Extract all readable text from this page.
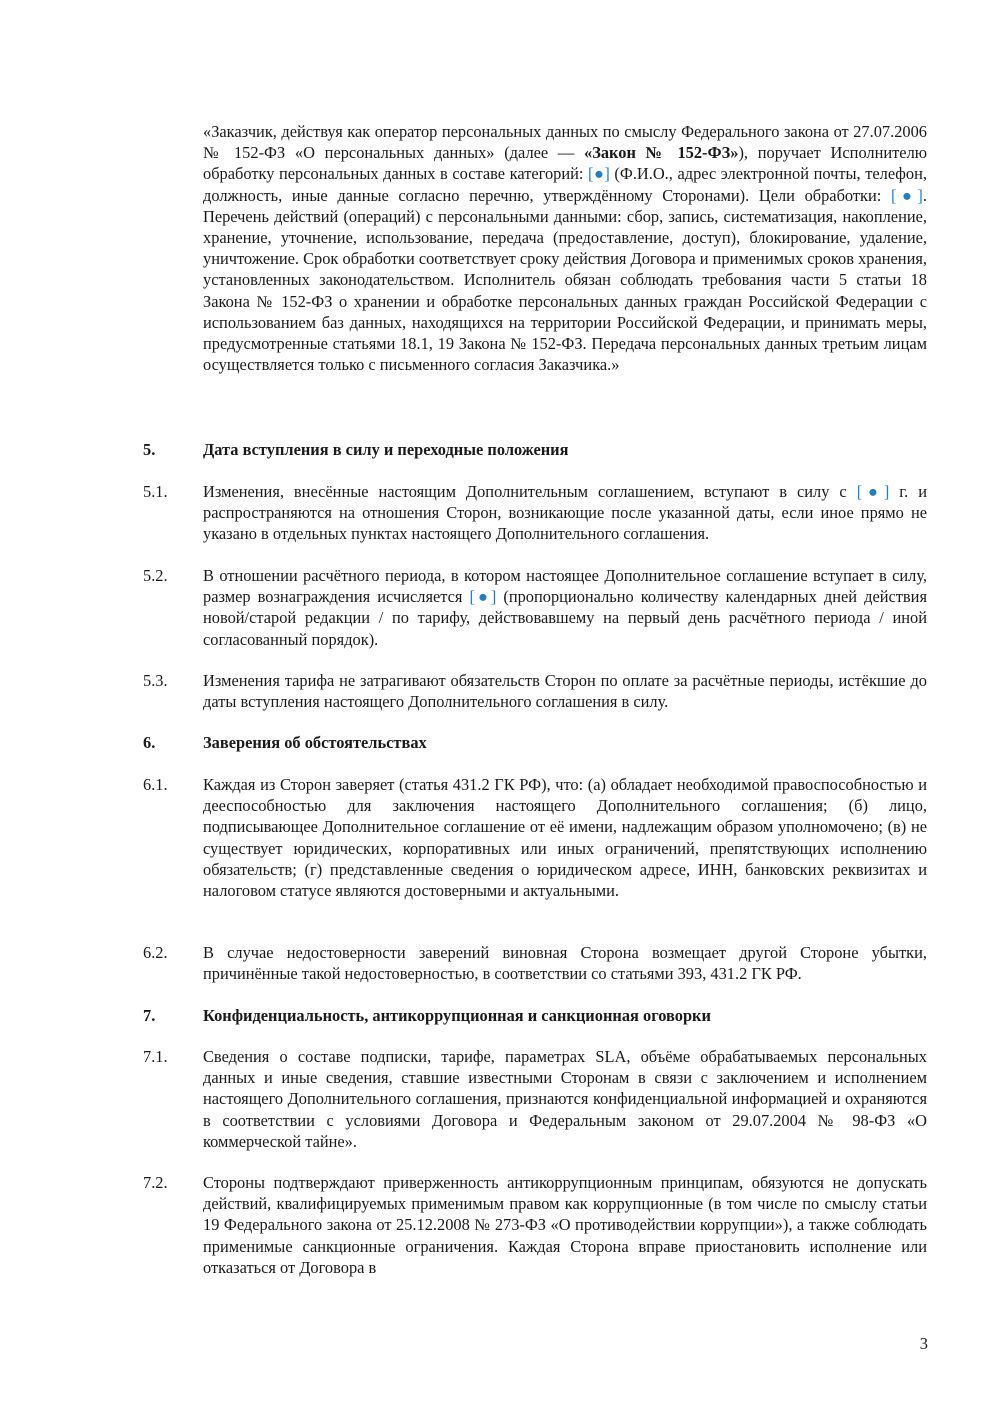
«Заказчик, действуя как оператор персональных данных по смыслу Федерального закона от 27.07.2006 № 152-ФЗ «О персональных данных» (далее — «Закон № 152-ФЗ»), поручает Исполнителю обработку персональных данных в составе категорий: [●] (Ф.И.О., адрес электронной почты, телефон, должность, иные данные согласно перечню, утверждённому Сторонами). Цели обработки: [●]. Перечень действий (операций) с персональными данными: сбор, запись, систематизация, накопление, хранение, уточнение, использование, передача (предоставление, доступ), блокирование, удаление, уничтожение. Срок обработки соответствует сроку действия Договора и применимых сроков хранения, установленных законодательством. Исполнитель обязан соблюдать требования части 5 статьи 18 Закона № 152-ФЗ о хранении и обработке персональных данных граждан Российской Федерации с использованием баз данных, находящихся на территории Российской Федерации, и принимать меры, предусмотренные статьями 18.1, 19 Закона № 152-ФЗ. Передача персональных данных третьим лицам осуществляется только с письменного согласия Заказчика.»
5.	Дата вступления в силу и переходные положения
5.1.	Изменения, внесённые настоящим Дополнительным соглашением, вступают в силу с [●] г. и распространяются на отношения Сторон, возникающие после указанной даты, если иное прямо не указано в отдельных пунктах настоящего Дополнительного соглашения.
5.2.	В отношении расчётного периода, в котором настоящее Дополнительное соглашение вступает в силу, размер вознаграждения исчисляется [●] (пропорционально количеству календарных дней действия новой/старой редакции / по тарифу, действовавшему на первый день расчётного периода / иной согласованный порядок).
5.3.	Изменения тарифа не затрагивают обязательств Сторон по оплате за расчётные периоды, истёкшие до даты вступления настоящего Дополнительного соглашения в силу.
6.	Заверения об обстоятельствах
6.1.	Каждая из Сторон заверяет (статья 431.2 ГК РФ), что: (а) обладает необходимой правоспособностью и дееспособностью для заключения настоящего Дополнительного соглашения; (б) лицо, подписывающее Дополнительное соглашение от её имени, надлежащим образом уполномочено; (в) не существует юридических, корпоративных или иных ограничений, препятствующих исполнению обязательств; (г) представленные сведения о юридическом адресе, ИНН, банковских реквизитах и налоговом статусе являются достоверными и актуальными.
6.2.	В случае недостоверности заверений виновная Сторона возмещает другой Стороне убытки, причинённые такой недостоверностью, в соответствии со статьями 393, 431.2 ГК РФ.
7.	Конфиденциальность, антикоррупционная и санкционная оговорки
7.1.	Сведения о составе подписки, тарифе, параметрах SLA, объёме обрабатываемых персональных данных и иные сведения, ставшие известными Сторонам в связи с заключением и исполнением настоящего Дополнительного соглашения, признаются конфиденциальной информацией и охраняются в соответствии с условиями Договора и Федеральным законом от 29.07.2004 № 98-ФЗ «О коммерческой тайне».
7.2.	Стороны подтверждают приверженность антикоррупционным принципам, обязуются не допускать действий, квалифицируемых применимым правом как коррупционные (в том числе по смыслу статьи 19 Федерального закона от 25.12.2008 № 273-ФЗ «О противодействии коррупции»), а также соблюдать применимые санкционные ограничения. Каждая Сторона вправе приостановить исполнение или отказаться от Договора в
3
